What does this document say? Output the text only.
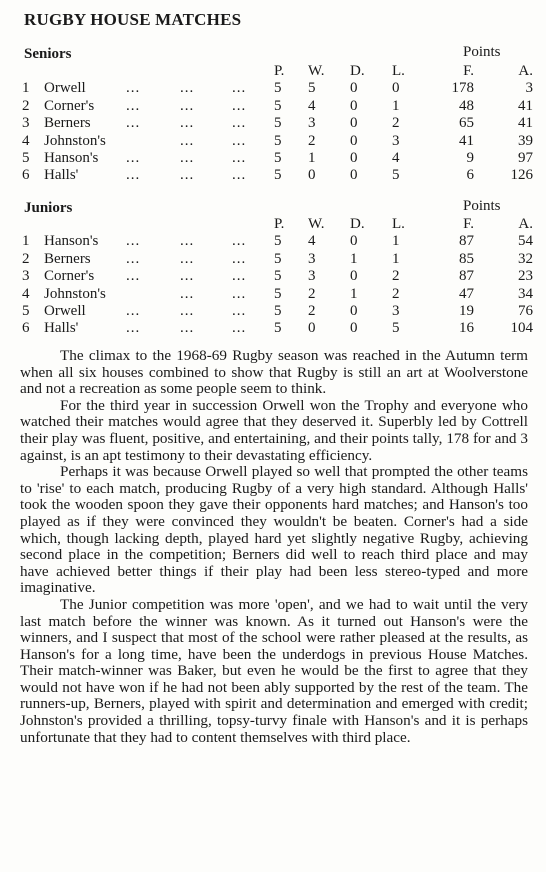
RUGBY HOUSE MATCHES
Seniors	Points
		P.	W.	D.	L.	F.	A.
1	Orwell ... ... ...	5	5	0	0	178	3
2	Corner's ... ... ...	5	4	0	1	48	41
3	Berners ... ... ...	5	3	0	2	65	41
4	Johnston's ... ...	5	2	0	3	41	39
5	Hanson's ... ... ...	5	1	0	4	9	97
6	Halls' ... ... ...	5	0	0	5	6	126
Juniors	Points
		P.	W.	D.	L.	F.	A.
1	Hanson's ... ... ...	5	4	0	1	87	54
2	Berners ... ... ...	5	3	1	1	85	32
3	Corner's ... ... ...	5	3	0	2	87	23
4	Johnston's ... ...	5	2	1	2	47	34
5	Orwell ... ... ...	5	2	0	3	19	76
6	Halls' ... ... ...	5	0	0	5	16	104

The climax to the 1968-69 Rugby season was reached in the Autumn term when all six houses combined to show that Rugby is still an art at Woolverstone and not a recreation as some people seem to think.

For the third year in succession Orwell won the Trophy and everyone who watched their matches would agree that they deserved it. Superbly led by Cottrell their play was fluent, positive, and entertaining, and their points tally, 178 for and 3 against, is an apt testimony to their devastating efficiency.

Perhaps it was because Orwell played so well that prompted the other teams to 'rise' to each match, producing Rugby of a very high standard. Although Halls' took the wooden spoon they gave their opponents hard matches; and Hanson's too played as if they were convinced they wouldn't be beaten. Corner's had a side which, though lacking depth, played hard yet slightly negative Rugby, achieving second place in the competition; Berners did well to reach third place and may have achieved better things if their play had been less stereo-typed and more imaginative.

The Junior competition was more 'open', and we had to wait until the very last match before the winner was known. As it turned out Hanson's were the winners, and I suspect that most of the school were rather pleased at the results, as Hanson's for a long time, have been the underdogs in previous House Matches. Their match-winner was Baker, but even he would be the first to agree that they would not have won if he had not been ably supported by the rest of the team. The runners-up, Berners, played with spirit and determination and emerged with credit; Johnston's provided a thrilling, topsy-turvy finale with Hanson's and it is perhaps unfortunate that they had to content themselves with third place.
